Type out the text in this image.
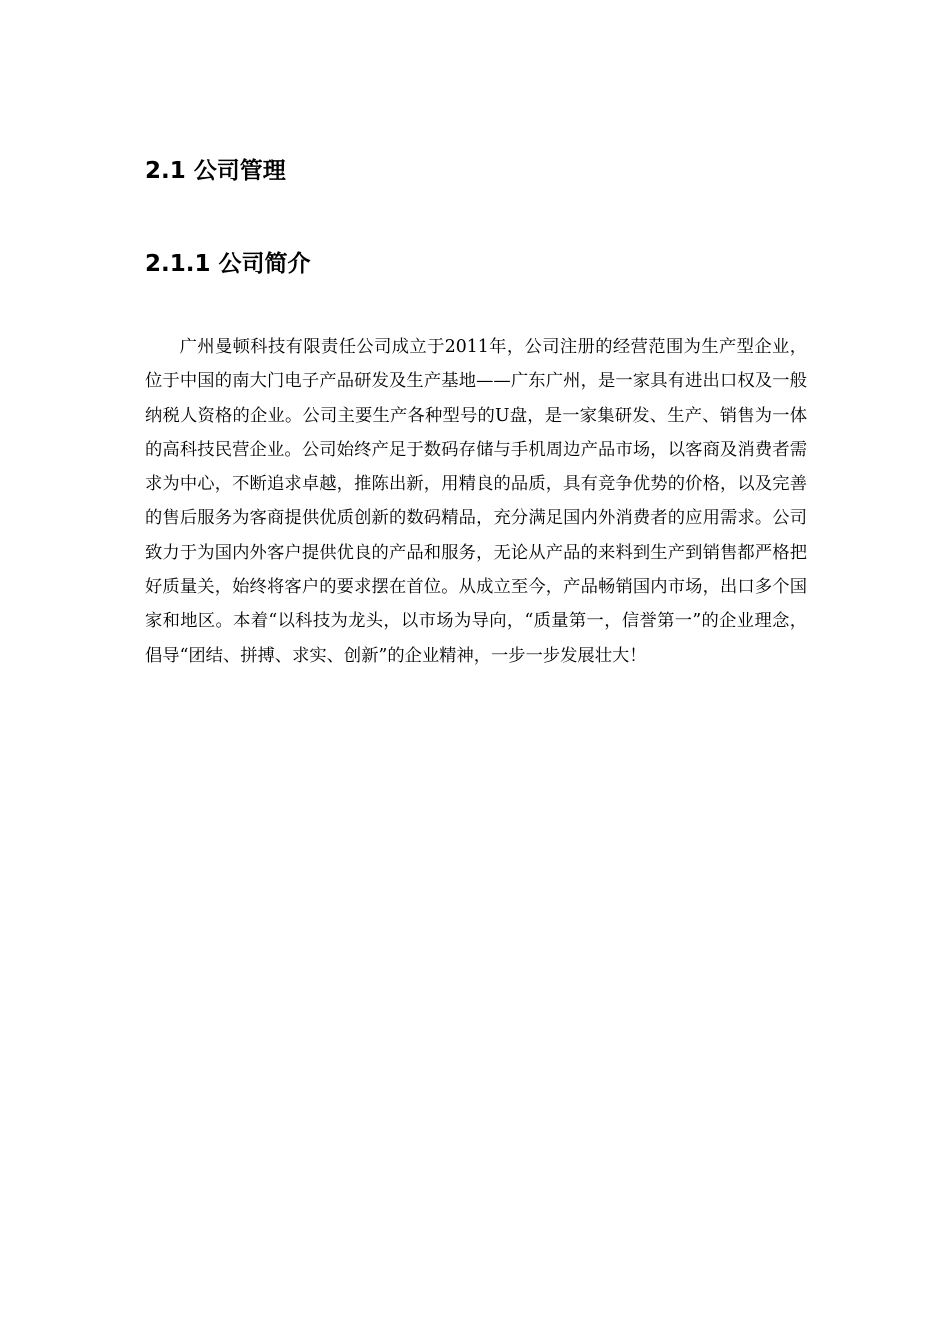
2.1 公司管理
2.1.1 公司简介

广州曼顿科技有限责任公司成立于2011年，公司注册的经营范围为生产型企业，位于中国的南大门电子产品研发及生产基地——广东广州，是一家具有进出口权及一般纳税人资格的企业。公司主要生产各种型号的U盘，是一家集研发、生产、销售为一体的高科技民营企业。公司始终产足于数码存储与手机周边产品市场，以客商及消费者需求为中心，不断追求卓越，推陈出新，用精良的品质，具有竞争优势的价格，以及完善的售后服务为客商提供优质创新的数码精品，充分满足国内外消费者的应用需求。公司致力于为国内外客户提供优良的产品和服务，无论从产品的来料到生产到销售都严格把好质量关，始终将客户的要求摆在首位。从成立至今，产品畅销国内市场，出口多个国家和地区。本着“以科技为龙头，以市场为导向，“质量第一，信誉第一”的企业理念，倡导“团结、拼搏、求实、创新”的企业精神，一步一步发展壮大！
